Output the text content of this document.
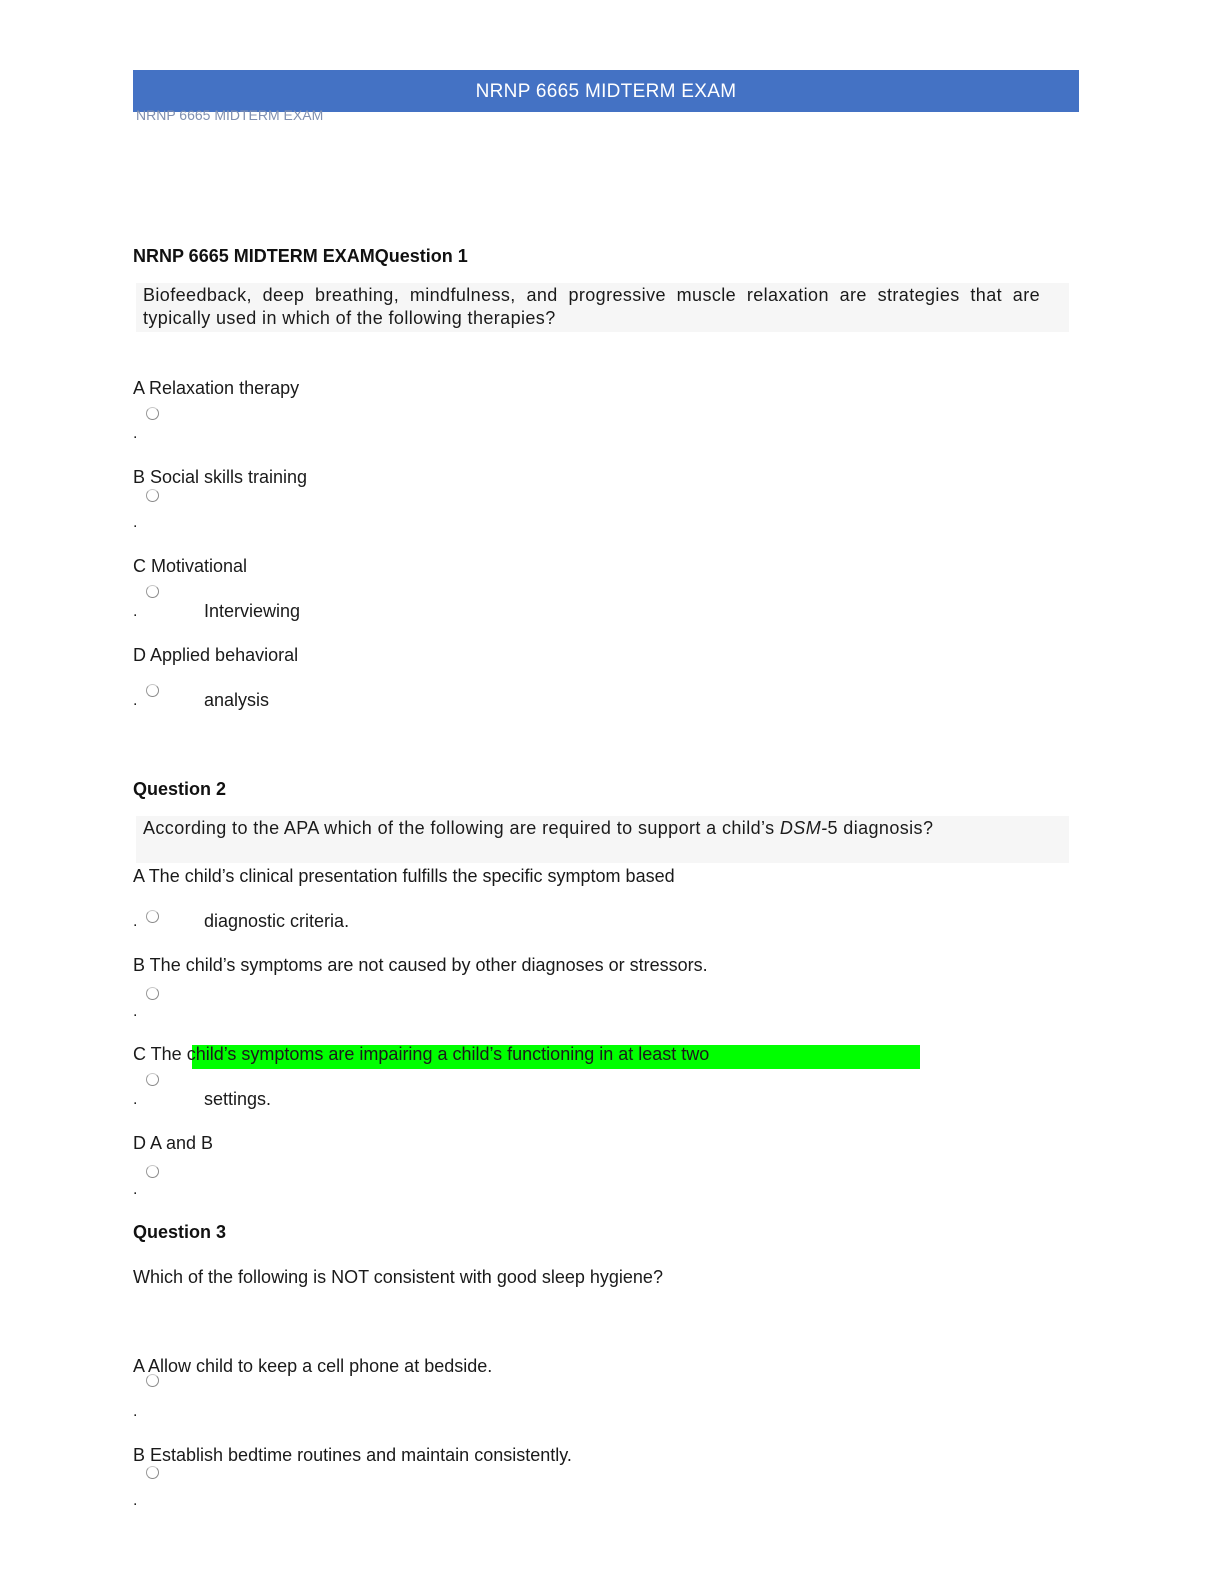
NRNP 6665 MIDTERM EXAM
NRNP 6665 MIDTERM EXAM
NRNP 6665 MIDTERM EXAMQuestion 1
Biofeedback, deep breathing, mindfulness, and progressive muscle relaxation are strategies that are typically used in which of the following therapies?
A Relaxation therapy
.
B Social skills training
.
C Motivational
.	Interviewing
D Applied behavioral
.	analysis
Question 2
According to the APA which of the following are required to support a child’s DSM-5 diagnosis?
A The child’s clinical presentation fulfills the specific symptom based
.	diagnostic criteria.
B The child’s symptoms are not caused by other diagnoses or stressors.
.
C The child’s symptoms are impairing a child’s functioning in at least two
.	settings.
D A and B
.
Question 3
Which of the following is NOT consistent with good sleep hygiene?
A Allow child to keep a cell phone at bedside.
.
B Establish bedtime routines and maintain consistently.
.
